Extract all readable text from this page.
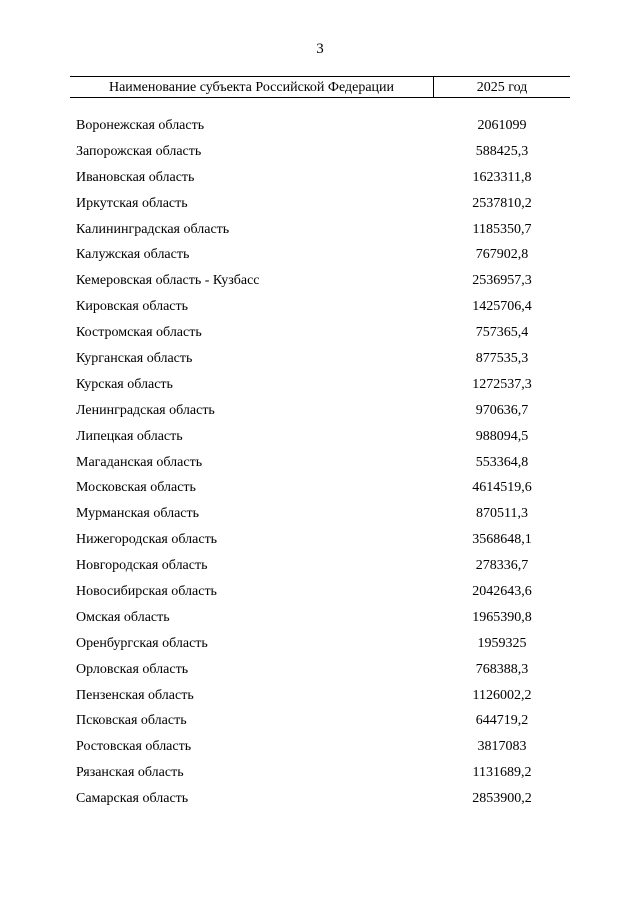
3
Наименование субъекта Российской Федерации	2025 год
Воронежская область	2061099
Запорожская область	588425,3
Ивановская область	1623311,8
Иркутская область	2537810,2
Калининградская область	1185350,7
Калужская область	767902,8
Кемеровская область - Кузбасс	2536957,3
Кировская область	1425706,4
Костромская область	757365,4
Курганская область	877535,3
Курская область	1272537,3
Ленинградская область	970636,7
Липецкая область	988094,5
Магаданская область	553364,8
Московская область	4614519,6
Мурманская область	870511,3
Нижегородская область	3568648,1
Новгородская область	278336,7
Новосибирская область	2042643,6
Омская область	1965390,8
Оренбургская область	1959325
Орловская область	768388,3
Пензенская область	1126002,2
Псковская область	644719,2
Ростовская область	3817083
Рязанская область	1131689,2
Самарская область	2853900,2
